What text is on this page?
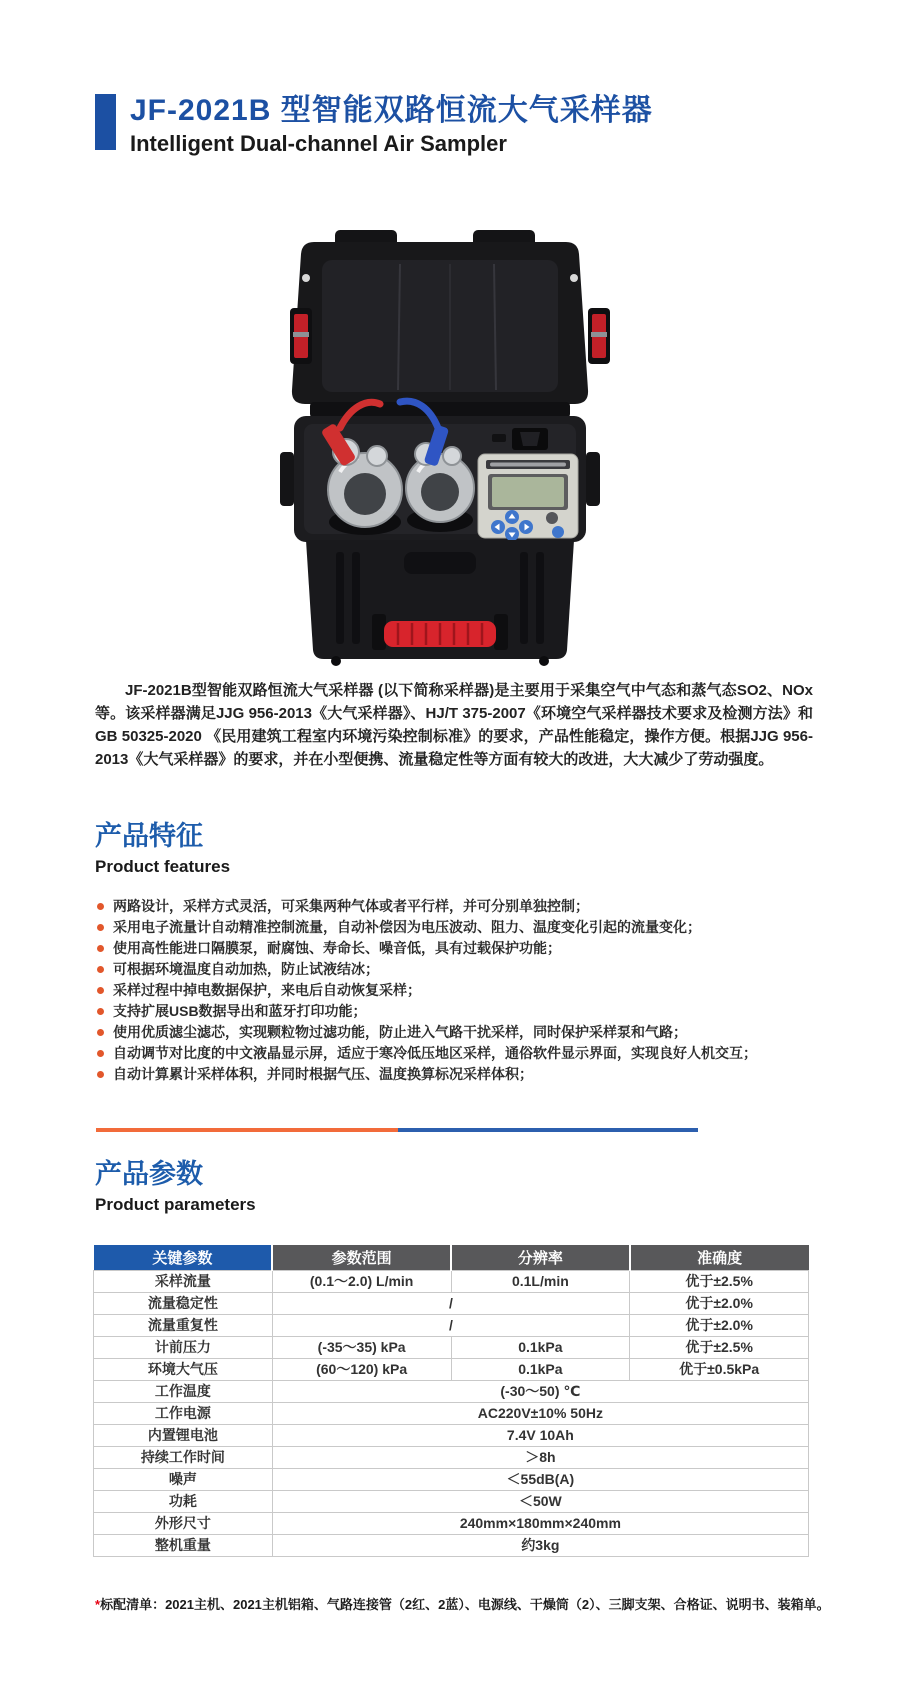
JF-2021B 型智能双路恒流大气采样器
Intelligent Dual-channel Air Sampler

JF-2021B型智能双路恒流大气采样器 (以下简称采样器)是主要用于采集空气中气态和蒸气态SO2、NOx等。该采样器满足JJG 956-2013《大气采样器》、HJ/T 375-2007《环境空气采样器技术要求及检测方法》和GB 50325-2020 《民用建筑工程室内环境污染控制标准》的要求，产品性能稳定，操作方便。根据JJG 956-2013《大气采样器》的要求，并在小型便携、流量稳定性等方面有较大的改进，大大减少了劳动强度。

产品特征
Product features
两路设计，采样方式灵活，可采集两种气体或者平行样，并可分别单独控制；
采用电子流量计自动精准控制流量，自动补偿因为电压波动、阻力、温度变化引起的流量变化；
使用高性能进口隔膜泵，耐腐蚀、寿命长、噪音低，具有过载保护功能；
可根据环境温度自动加热，防止试液结冰；
采样过程中掉电数据保护，来电后自动恢复采样；
支持扩展USB数据导出和蓝牙打印功能；
使用优质滤尘滤芯，实现颗粒物过滤功能，防止进入气路干扰采样，同时保护采样泵和气路；
自动调节对比度的中文液晶显示屏，适应于寒冷低压地区采样，通俗软件显示界面，实现良好人机交互；
自动计算累计采样体积，并同时根据气压、温度换算标况采样体积；
产品参数
Product parameters
关键参数	参数范围	分辨率	准确度
采样流量	(0.1～2.0) L/min	0.1L/min	优于±2.5%
流量稳定性	/		优于±2.0%
流量重复性	/		优于±2.0%
计前压力	(-35～35) kPa	0.1kPa	优于±2.5%
环境大气压	(60～120) kPa	0.1kPa	优于±0.5kPa
工作温度	(-30～50) ℃		
工作电源	AC220V±10% 50Hz		
内置锂电池	7.4V 10Ah		
持续工作时间	＞8h		
噪声	＜55dB(A)		
功耗	＜50W		
外形尺寸	240mm×180mm×240mm		
整机重量	约3kg		

*标配清单：2021主机、2021主机铝箱、气路连接管（2红、2蓝）、电源线、干燥筒（2）、三脚支架、合格证、说明书、装箱单。
